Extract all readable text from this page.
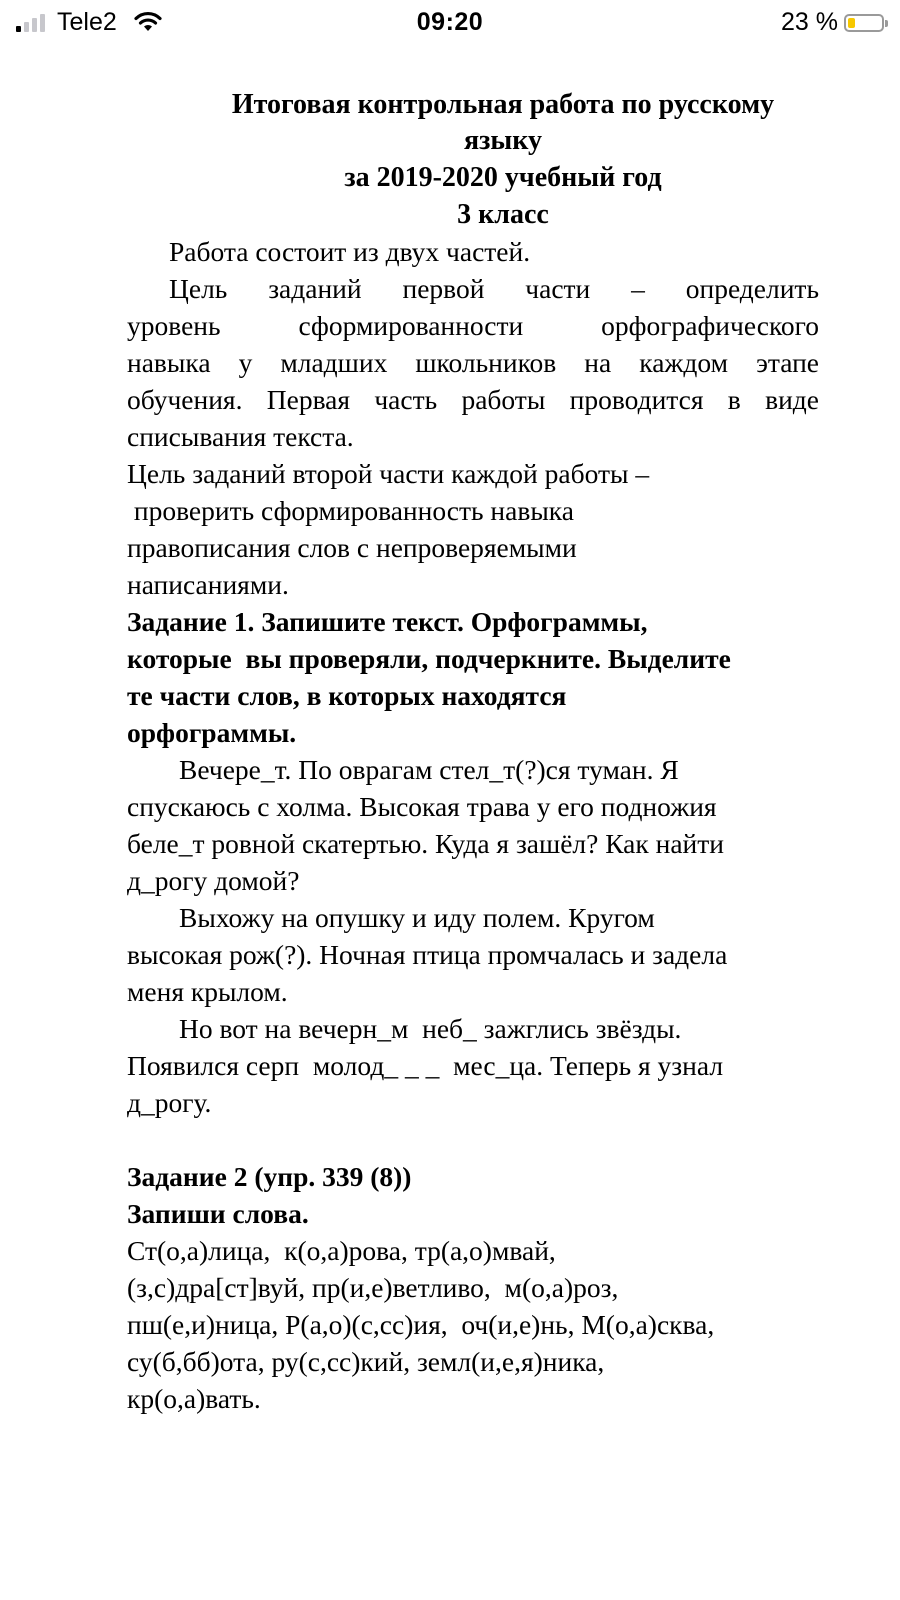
Tele2	09:20	23 %
Итоговая контрольная работа по русскому
языку
за 2019-2020 учебный год
3 класс

Работа состоит из двух частей.

Цель заданий первой части – определить

уровень сформированности орфографического

навыка у младших школьников на каждом этапе

обучения. Первая часть работы проводится в виде

списывания текста.

Цель заданий второй части каждой работы –

проверить сформированность навыка

правописания слов с непроверяемыми

написаниями.

Задание 1. Запишите текст. Орфограммы,

которые  вы проверяли, подчеркните. Выделите

те части слов, в которых находятся

орфограммы.

Вечере_т. По оврагам стел_т(?)ся туман. Я

спускаюсь с холма. Высокая трава у его подножия

беле_т ровной скатертью. Куда я зашёл? Как найти

д_рогу домой?

Выхожу на опушку и иду полем. Кругом

высокая рож(?). Ночная птица промчалась и задела

меня крылом.

Но вот на вечерн_м  неб_ зажглись звёзды.

Появился серп  молод_ _ _  мес_ца. Теперь я узнал

д_рогу.

Задание 2 (упр. 339 (8))

Запиши слова.

Ст(о,а)лица,  к(о,а)рова, тр(а,о)мвай,

(з,с)дра[ст]вуй, пр(и,е)ветливо,  м(о,а)роз,

пш(е,и)ница, Р(а,о)(с,сс)ия,  оч(и,е)нь, М(о,а)сква,

су(б,бб)ота, ру(с,сс)кий, земл(и,е,я)ника,

кр(о,а)вать.
